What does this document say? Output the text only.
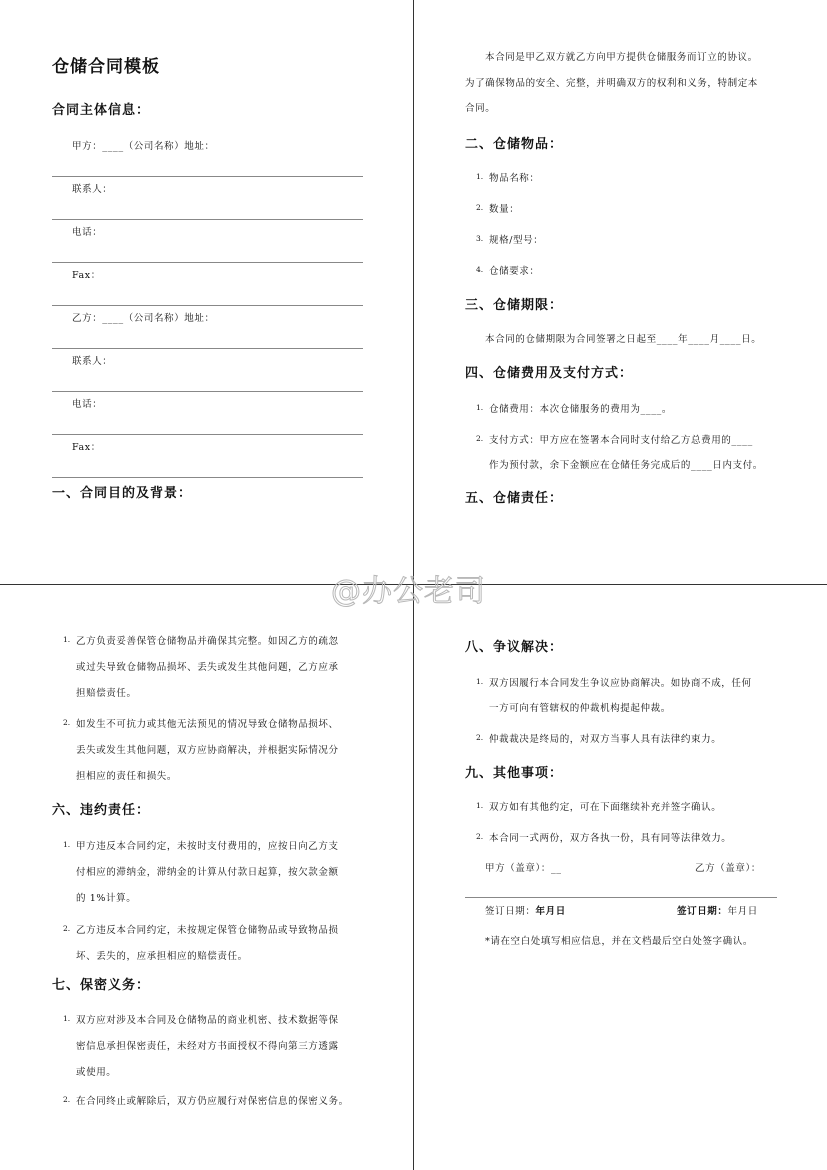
仓储合同模板
合同主体信息：
甲方：____（公司名称）地址：
联系人：
电话：
Fax：
乙方：____（公司名称）地址：
联系人：
电话：
Fax：
一、合同目的及背景：
本合同是甲乙双方就乙方向甲方提供仓储服务而订立的协议。
为了确保物品的安全、完整，并明确双方的权利和义务，特制定本
合同。
二、仓储物品：
1. 物品名称：
2. 数量：
3. 规格/型号：
4. 仓储要求：
三、仓储期限：
本合同的仓储期限为合同签署之日起至____年____月____日。
四、仓储费用及支付方式：
1. 仓储费用：本次仓储服务的费用为____。
2. 支付方式：甲方应在签署本合同时支付给乙方总费用的____
作为预付款，余下金额应在仓储任务完成后的____日内支付。
五、仓储责任：
1. 乙方负责妥善保管仓储物品并确保其完整。如因乙方的疏忽
或过失导致仓储物品损坏、丢失或发生其他问题，乙方应承
担赔偿责任。
2. 如发生不可抗力或其他无法预见的情况导致仓储物品损坏、
丢失或发生其他问题，双方应协商解决，并根据实际情况分
担相应的责任和损失。
六、违约责任：
1. 甲方违反本合同约定，未按时支付费用的，应按日向乙方支
付相应的滞纳金，滞纳金的计算从付款日起算，按欠款金额
的 1%计算。
2. 乙方违反本合同约定，未按规定保管仓储物品或导致物品损
坏、丢失的，应承担相应的赔偿责任。
七、保密义务：
1. 双方应对涉及本合同及仓储物品的商业机密、技术数据等保
密信息承担保密责任，未经对方书面授权不得向第三方透露
或使用。
2. 在合同终止或解除后，双方仍应履行对保密信息的保密义务。
八、争议解决：
1. 双方因履行本合同发生争议应协商解决。如协商不成，任何
一方可向有管辖权的仲裁机构提起仲裁。
2. 仲裁裁决是终局的，对双方当事人具有法律约束力。
九、其他事项：
1. 双方如有其他约定，可在下面继续补充并签字确认。
2. 本合同一式两份，双方各执一份，具有同等法律效力。
甲方（盖章）：__	乙方（盖章）：
签订日期：年月日	签订日期：年月日
*请在空白处填写相应信息，并在文档最后空白处签字确认。
@办公老司
